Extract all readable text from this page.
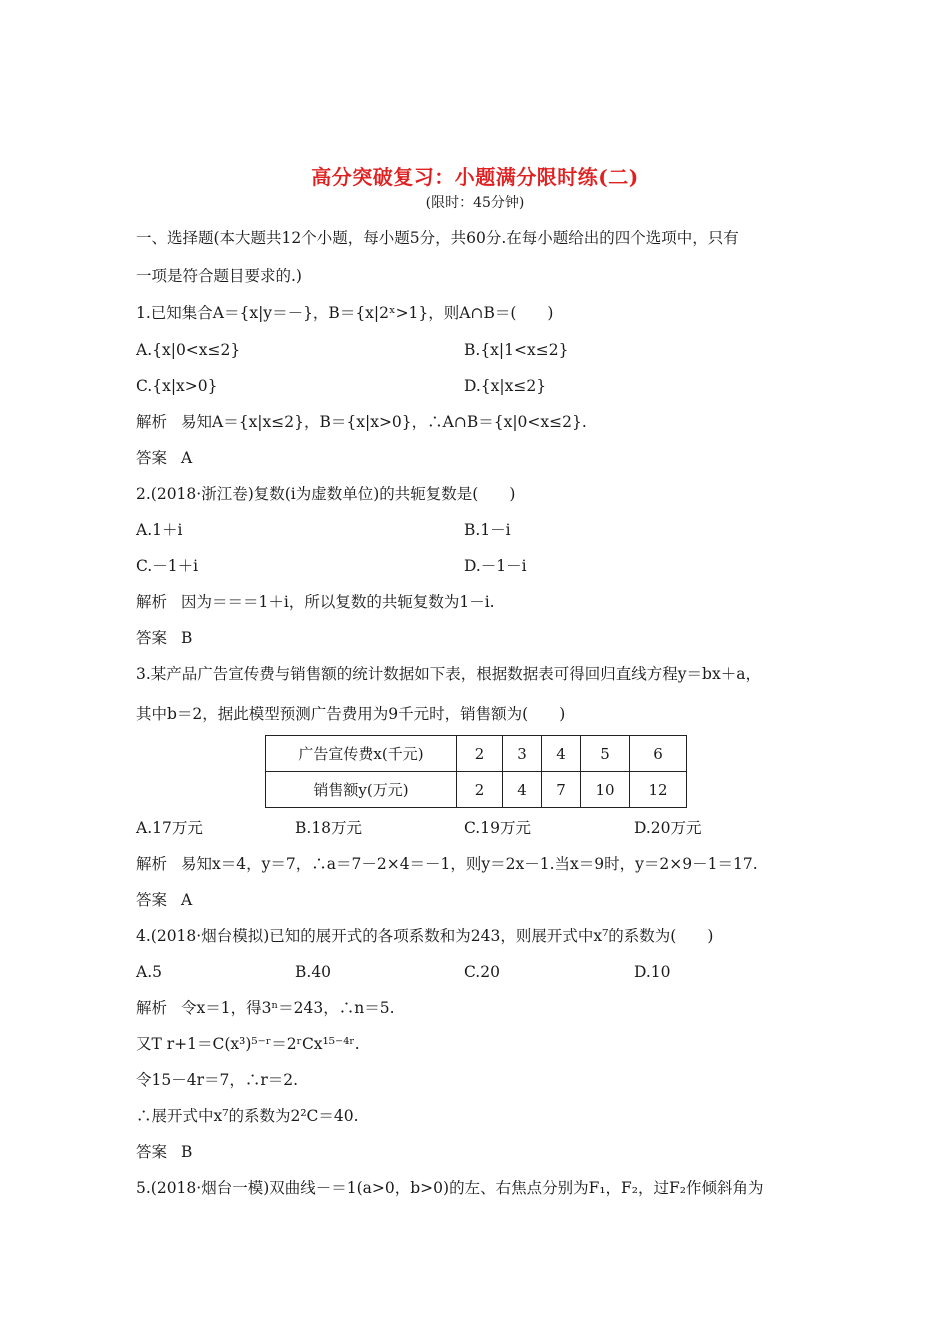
高分突破复习：小题满分限时练(二)
(限时：45分钟)
一、选择题(本大题共12个小题，每小题5分，共60分.在每小题给出的四个选项中，只有
一项是符合题目要求的.)
1.已知集合A＝{x|y＝－}，B＝{x|2ˣ>1}，则A∩B＝(　　)
A.{x|0<x≤2}	B.{x|1<x≤2}
C.{x|x>0}	D.{x|x≤2}
解析 易知A＝{x|x≤2}，B＝{x|x>0}，∴A∩B＝{x|0<x≤2}.
答案 A
2.(2018·浙江卷)复数(i为虚数单位)的共轭复数是(　　)
A.1＋i	B.1－i
C.－1＋i	D.－1－i
解析 因为＝＝＝1＋i，所以复数的共轭复数为1－i.
答案 B
3.某产品广告宣传费与销售额的统计数据如下表，根据数据表可得回归直线方程y＝bx＋a，
其中b＝2，据此模型预测广告费用为9千元时，销售额为(　　)
广告宣传费x(千元)	2	3	4	5	6
销售额y(万元)	2	4	7	10	12
A.17万元	B.18万元	C.19万元	D.20万元
解析 易知x＝4，y＝7，∴a＝7－2×4＝－1，则y＝2x－1.当x＝9时，y＝2×9－1＝17.
答案 A
4.(2018·烟台模拟)已知的展开式的各项系数和为243，则展开式中x⁷的系数为(　　)
A.5	B.40	C.20	D.10
解析 令x＝1，得3ⁿ＝243，∴n＝5.
又T r+1＝C(x³)⁵⁻ʳ＝2ʳCx¹⁵⁻⁴ʳ.
令15－4r＝7，∴r＝2.
∴展开式中x⁷的系数为2²C＝40.
答案 B
5.(2018·烟台一模)双曲线－＝1(a>0，b>0)的左、右焦点分别为F₁，F₂，过F₂作倾斜角为
